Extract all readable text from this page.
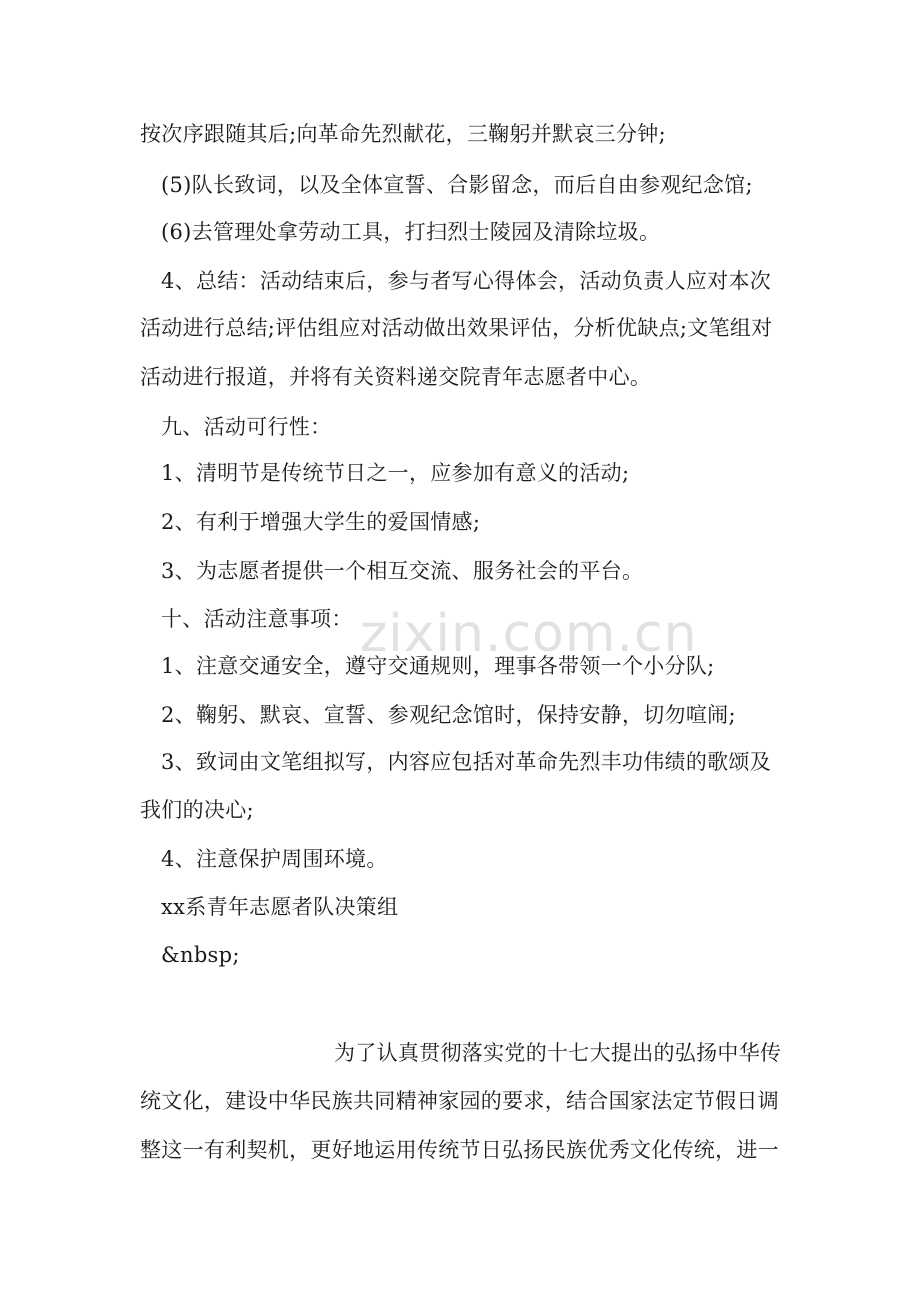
按次序跟随其后;向革命先烈献花，三鞠躬并默哀三分钟;
(5)队长致词，以及全体宣誓、合影留念，而后自由参观纪念馆;
(6)去管理处拿劳动工具，打扫烈士陵园及清除垃圾。
4、总结：活动结束后，参与者写心得体会，活动负责人应对本次
活动进行总结;评估组应对活动做出效果评估，分析优缺点;文笔组对
活动进行报道，并将有关资料递交院青年志愿者中心。
九、活动可行性：
1、清明节是传统节日之一，应参加有意义的活动;
2、有利于增强大学生的爱国情感;
3、为志愿者提供一个相互交流、服务社会的平台。
十、活动注意事项：
1、注意交通安全，遵守交通规则，理事各带领一个小分队;
2、鞠躬、默哀、宣誓、参观纪念馆时，保持安静，切勿喧闹;
3、致词由文笔组拟写，内容应包括对革命先烈丰功伟绩的歌颂及
我们的决心;
4、注意保护周围环境。
xx系青年志愿者队决策组
&nbsp;
为了认真贯彻落实党的十七大提出的弘扬中华传
统文化，建设中华民族共同精神家园的要求，结合国家法定节假日调
整这一有利契机，更好地运用传统节日弘扬民族优秀文化传统，进一
zixin.com.cn
